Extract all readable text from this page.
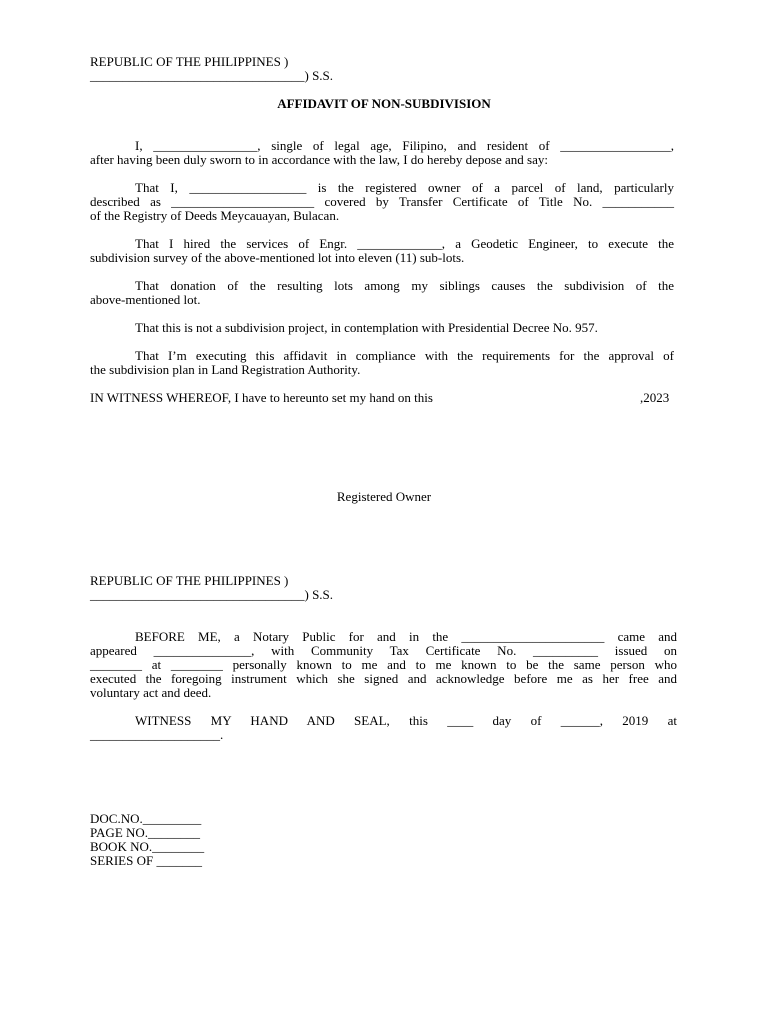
REPUBLIC OF THE PHILIPPINES )
_________________________________) S.S.
AFFIDAVIT OF NON-SUBDIVISION
I, ________________, single of legal age, Filipino, and resident of _________________,
after having been duly sworn to in accordance with the law, I do hereby depose and say:
That I, __________________ is the registered owner of a parcel of land, particularly
described as ______________________ covered by Transfer Certificate of Title No. ___________
of the Registry of Deeds Meycauayan, Bulacan.
That I hired the services of Engr. _____________, a Geodetic Engineer, to execute the
subdivision survey of the above-mentioned lot into eleven (11) sub-lots.
That donation of the resulting lots among my siblings causes the subdivision of the
above-mentioned lot.
That this is not a subdivision project, in contemplation with Presidential Decree No. 957.
That I’m executing this affidavit in compliance with the requirements for the approval of
the subdivision plan in Land Registration Authority.
IN WITNESS WHEREOF, I have to hereunto set my hand on this	,2023
Registered Owner
REPUBLIC OF THE PHILIPPINES )
_________________________________) S.S.
BEFORE ME, a Notary Public for and in the ______________________ came and
appeared _______________, with Community Tax Certificate No. __________ issued on
________ at ________ personally known to me and to me known to be the same person who
executed the foregoing instrument which she signed and acknowledge before me as her free and
voluntary act and deed.
WITNESS MY HAND AND SEAL, this ____ day of ______, 2019 at
____________________.
DOC.NO._________
PAGE NO.________
BOOK NO.________
SERIES OF _______
